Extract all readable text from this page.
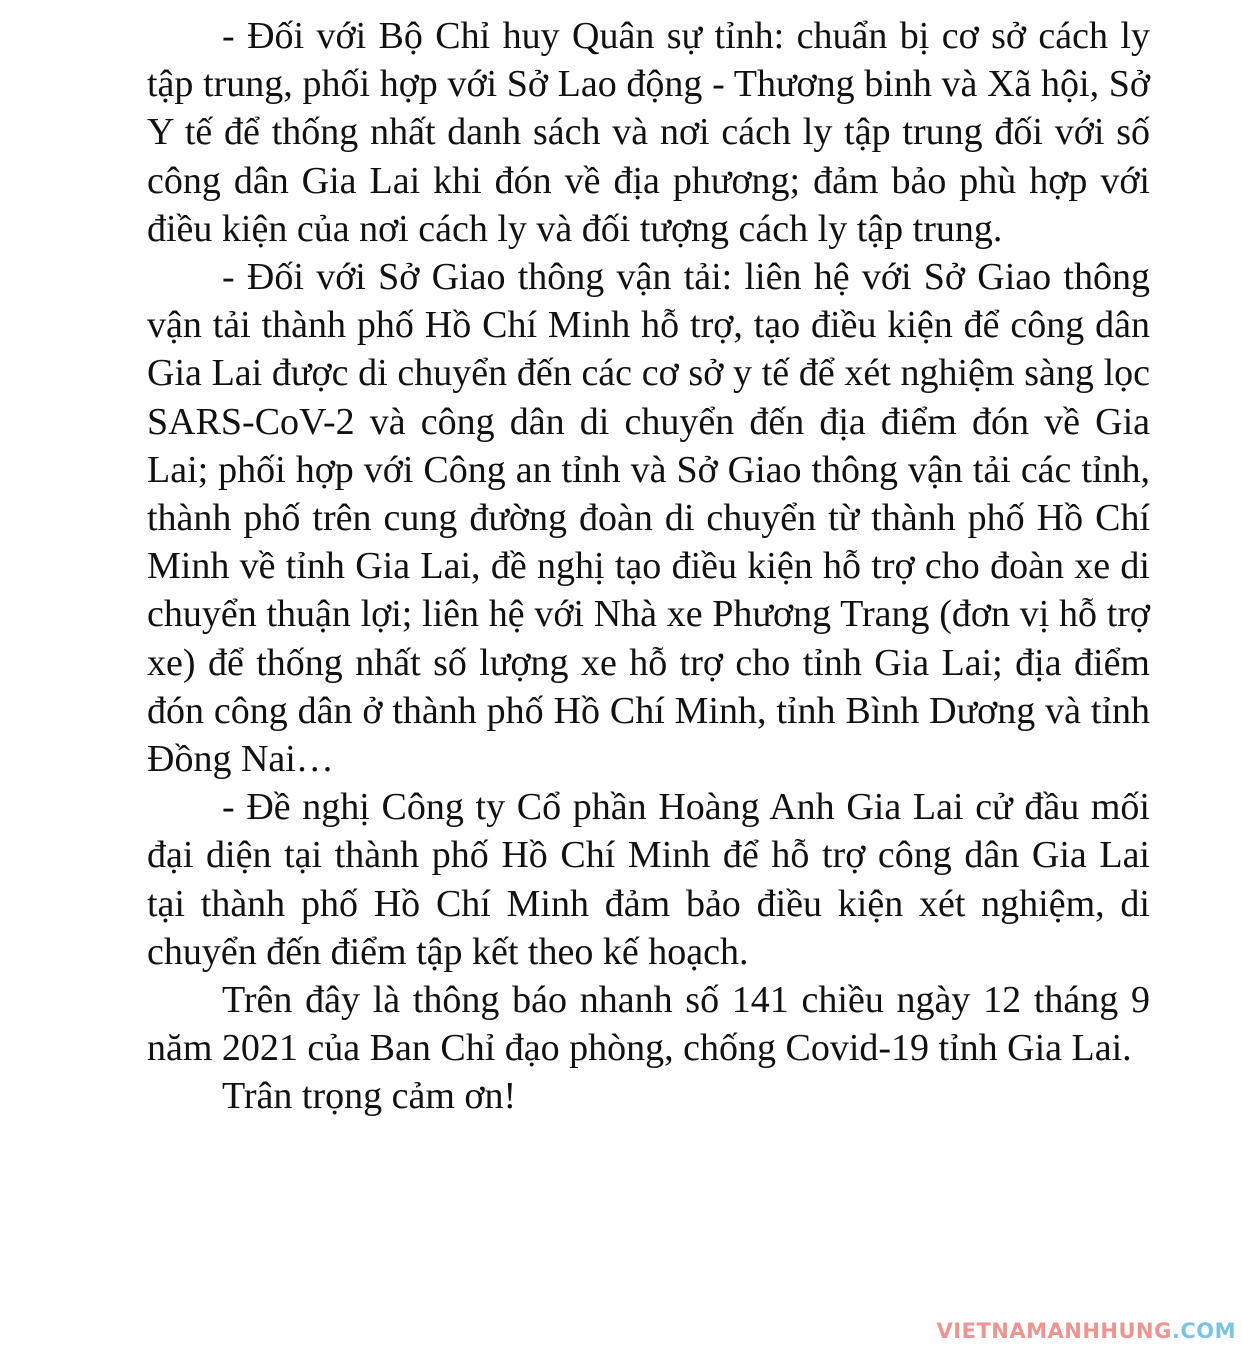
- Đối với Bộ Chỉ huy Quân sự tỉnh: chuẩn bị cơ sở cách ly tập trung, phối hợp với Sở Lao động - Thương binh và Xã hội, Sở Y tế để thống nhất danh sách và nơi cách ly tập trung đối với số công dân Gia Lai khi đón về địa phương; đảm bảo phù hợp với điều kiện của nơi cách ly và đối tượng cách ly tập trung.

- Đối với Sở Giao thông vận tải: liên hệ với Sở Giao thông vận tải thành phố Hồ Chí Minh hỗ trợ, tạo điều kiện để công dân Gia Lai được di chuyển đến các cơ sở y tế để xét nghiệm sàng lọc SARS-CoV-2 và công dân di chuyển đến địa điểm đón về Gia Lai; phối hợp với Công an tỉnh và Sở Giao thông vận tải các tỉnh, thành phố trên cung đường đoàn di chuyển từ thành phố Hồ Chí Minh về tỉnh Gia Lai, đề nghị tạo điều kiện hỗ trợ cho đoàn xe di chuyển thuận lợi; liên hệ với Nhà xe Phương Trang (đơn vị hỗ trợ xe) để thống nhất số lượng xe hỗ trợ cho tỉnh Gia Lai; địa điểm đón công dân ở thành phố Hồ Chí Minh, tỉnh Bình Dương và tỉnh Đồng Nai…

- Đề nghị Công ty Cổ phần Hoàng Anh Gia Lai cử đầu mối đại diện tại thành phố Hồ Chí Minh để hỗ trợ công dân Gia Lai tại thành phố Hồ Chí Minh đảm bảo điều kiện xét nghiệm, di chuyển đến điểm tập kết theo kế hoạch.

Trên đây là thông báo nhanh số 141 chiều ngày 12 tháng 9 năm 2021 của Ban Chỉ đạo phòng, chống Covid-19 tỉnh Gia Lai.

Trân trọng cảm ơn!

VIETNAMANHHUNG.COM
